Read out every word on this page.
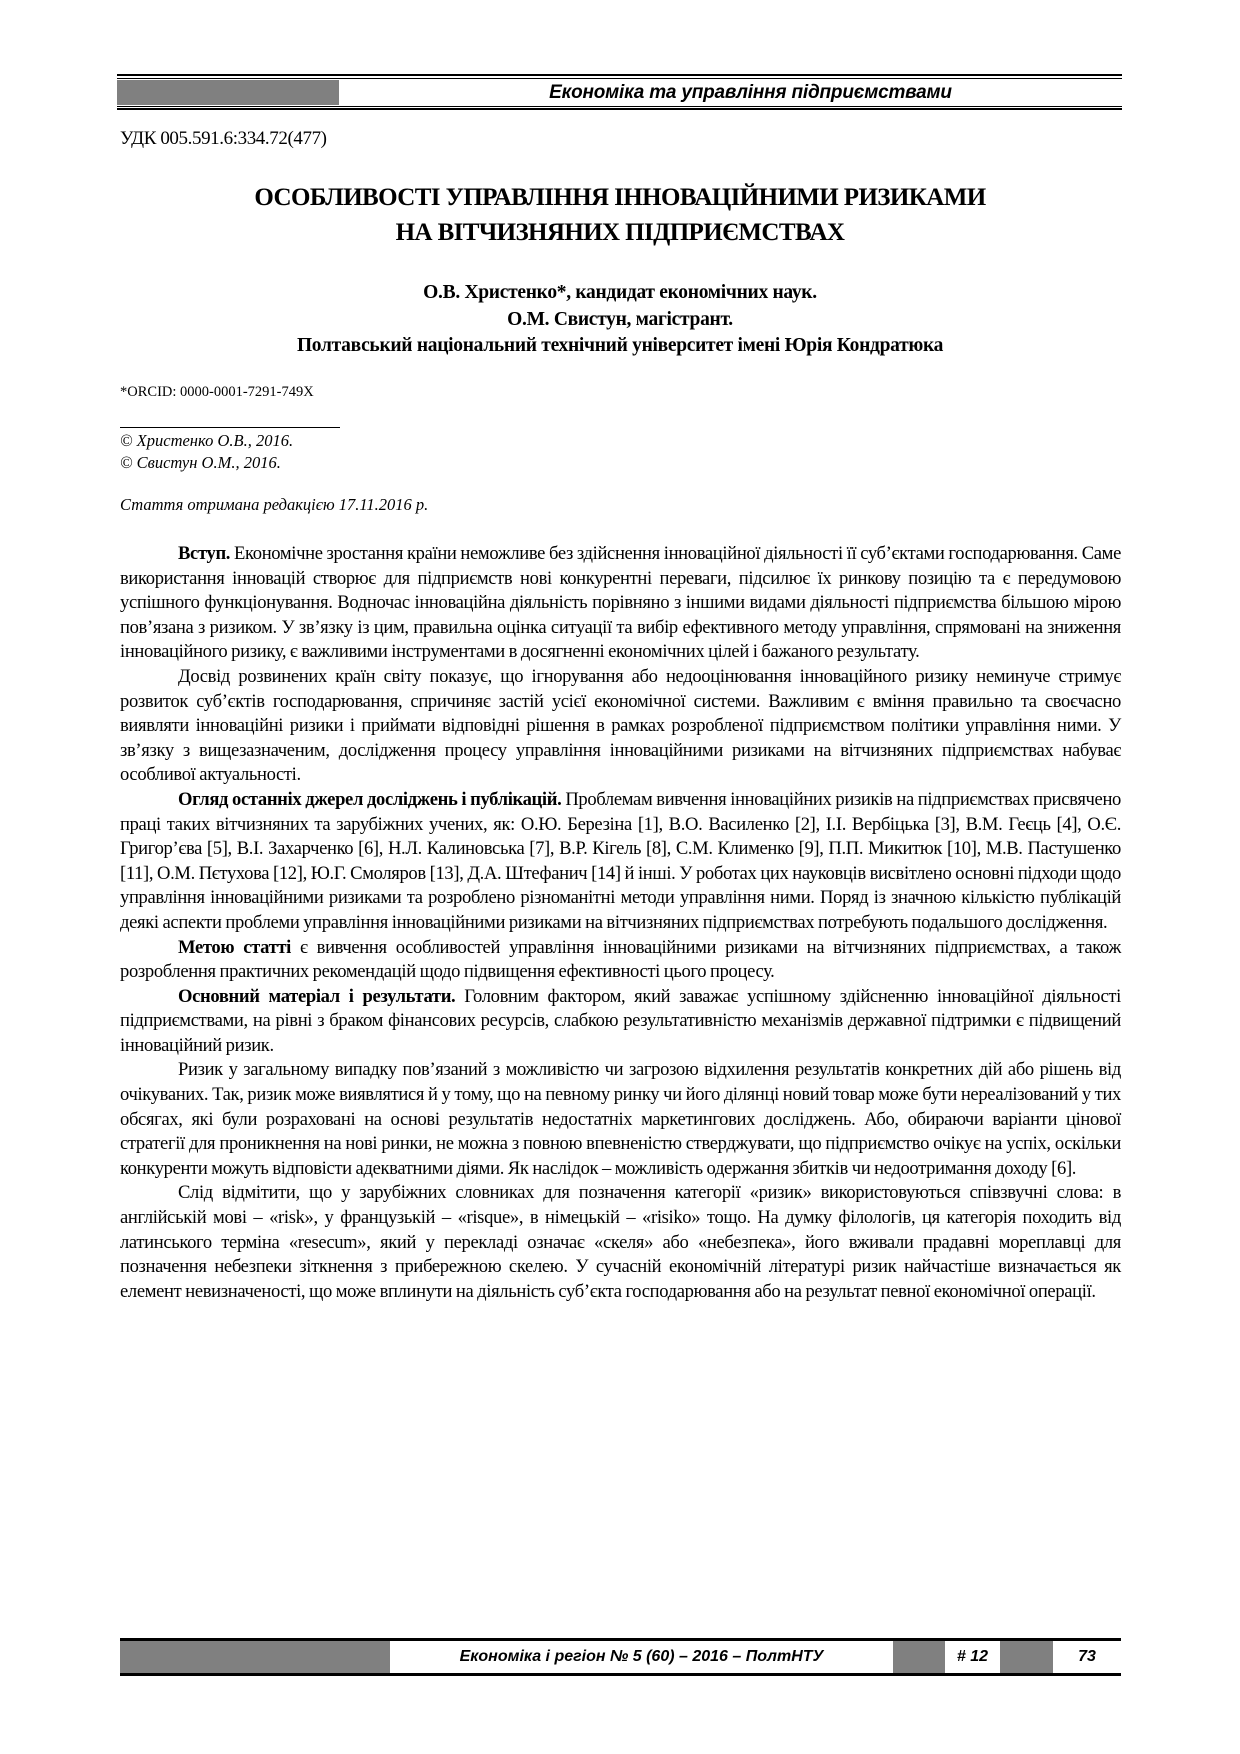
Економіка та управління підприємствами
УДК 005.591.6:334.72(477)
ОСОБЛИВОСТІ УПРАВЛІННЯ ІННОВАЦІЙНИМИ РИЗИКАМИ
НА ВІТЧИЗНЯНИХ ПІДПРИЄМСТВАХ
О.В. Христенко*, кандидат економічних наук.
О.М. Свистун, магістрант.
Полтавський національний технічний університет імені Юрія Кондратюка
*ORCID: 0000-0001-7291-749X
© Христенко О.В., 2016.
© Свистун О.М., 2016.
Стаття отримана редакцією 17.11.2016 р.

Вступ. Економічне зростання країни неможливе без здійснення інноваційної діяльності її суб’єктами господарювання. Саме використання інновацій створює для підприємств нові конкурентні переваги, підсилює їх ринкову позицію та є передумовою успішного функціонування. Водночас інноваційна діяльність порівняно з іншими видами діяльності підприємства більшою мірою пов’язана з ризиком. У зв’язку із цим, правильна оцінка ситуації та вибір ефективного методу управління, спрямовані на зниження інноваційного ризику, є важливими інструментами в досягненні економічних цілей і бажаного результату.

Досвід розвинених країн світу показує, що ігнорування або недооцінювання інноваційного ризику неминуче стримує розвиток суб’єктів господарювання, спричиняє застій усієї економічної системи. Важливим є вміння правильно та своєчасно виявляти інноваційні ризики і приймати відповідні рішення в рамках розробленої підприємством політики управління ними. У зв’язку з вищезазначеним, дослідження процесу управління інноваційними ризиками на вітчизняних підприємствах набуває особливої актуальності.

Огляд останніх джерел досліджень і публікацій. Проблемам вивчення інноваційних ризиків на підприємствах присвячено праці таких вітчизняних та зарубіжних учених, як: О.Ю. Березіна [1], В.О. Василенко [2], І.І. Вербіцька [3], В.М. Геєць [4], О.Є. Григор’єва [5], В.І. Захарченко [6], Н.Л. Калиновська [7], В.Р. Кігель [8], С.М. Клименко [9], П.П. Микитюк [10], М.В. Пастушенко [11], О.М. Пєтухова [12], Ю.Г. Смоляров [13], Д.А. Штефанич [14] й інші. У роботах цих науковців висвітлено основні підходи щодо управління інноваційними ризиками та розроблено різноманітні методи управління ними. Поряд із значною кількістю публікацій деякі аспекти проблеми управління інноваційними ризиками на вітчизняних підприємствах потребують подальшого дослідження.

Метою статті є вивчення особливостей управління інноваційними ризиками на вітчизняних підприємствах, а також розроблення практичних рекомендацій щодо підвищення ефективності цього процесу.

Основний матеріал і результати. Головним фактором, який заважає успішному здійсненню інноваційної діяльності підприємствами, на рівні з браком фінансових ресурсів, слабкою результативністю механізмів державної підтримки є підвищений інноваційний ризик.

Ризик у загальному випадку пов’язаний з можливістю чи загрозою відхилення результатів конкретних дій або рішень від очікуваних. Так, ризик може виявлятися й у тому, що на певному ринку чи його ділянці новий товар може бути нереалізований у тих обсягах, які були розраховані на основі результатів недостатніх маркетингових досліджень. Або, обираючи варіанти цінової стратегії для проникнення на нові ринки, не можна з повною впевненістю стверджувати, що підприємство очікує на успіх, оскільки конкуренти можуть відповісти адекватними діями. Як наслідок – можливість одержання збитків чи недоотримання доходу [6].

Слід відмітити, що у зарубіжних словниках для позначення категорії «ризик» використовуються співзвучні слова: в англійській мові – «risk», у французькій – «risque», в німецькій – «risiko» тощо. На думку філологів, ця категорія походить від латинського терміна «resecum», який у перекладі означає «скеля» або «небезпека», його вживали прадавні мореплавці для позначення небезпеки зіткнення з прибережною скелею. У сучасній економічній літературі ризик найчастіше визначається як елемент невизначеності, що може вплинути на діяльність суб’єкта господарювання або на результат певної економічної операції.

Економіка і регіон № 5 (60) – 2016 – ПолтНТУ	# 12	73
